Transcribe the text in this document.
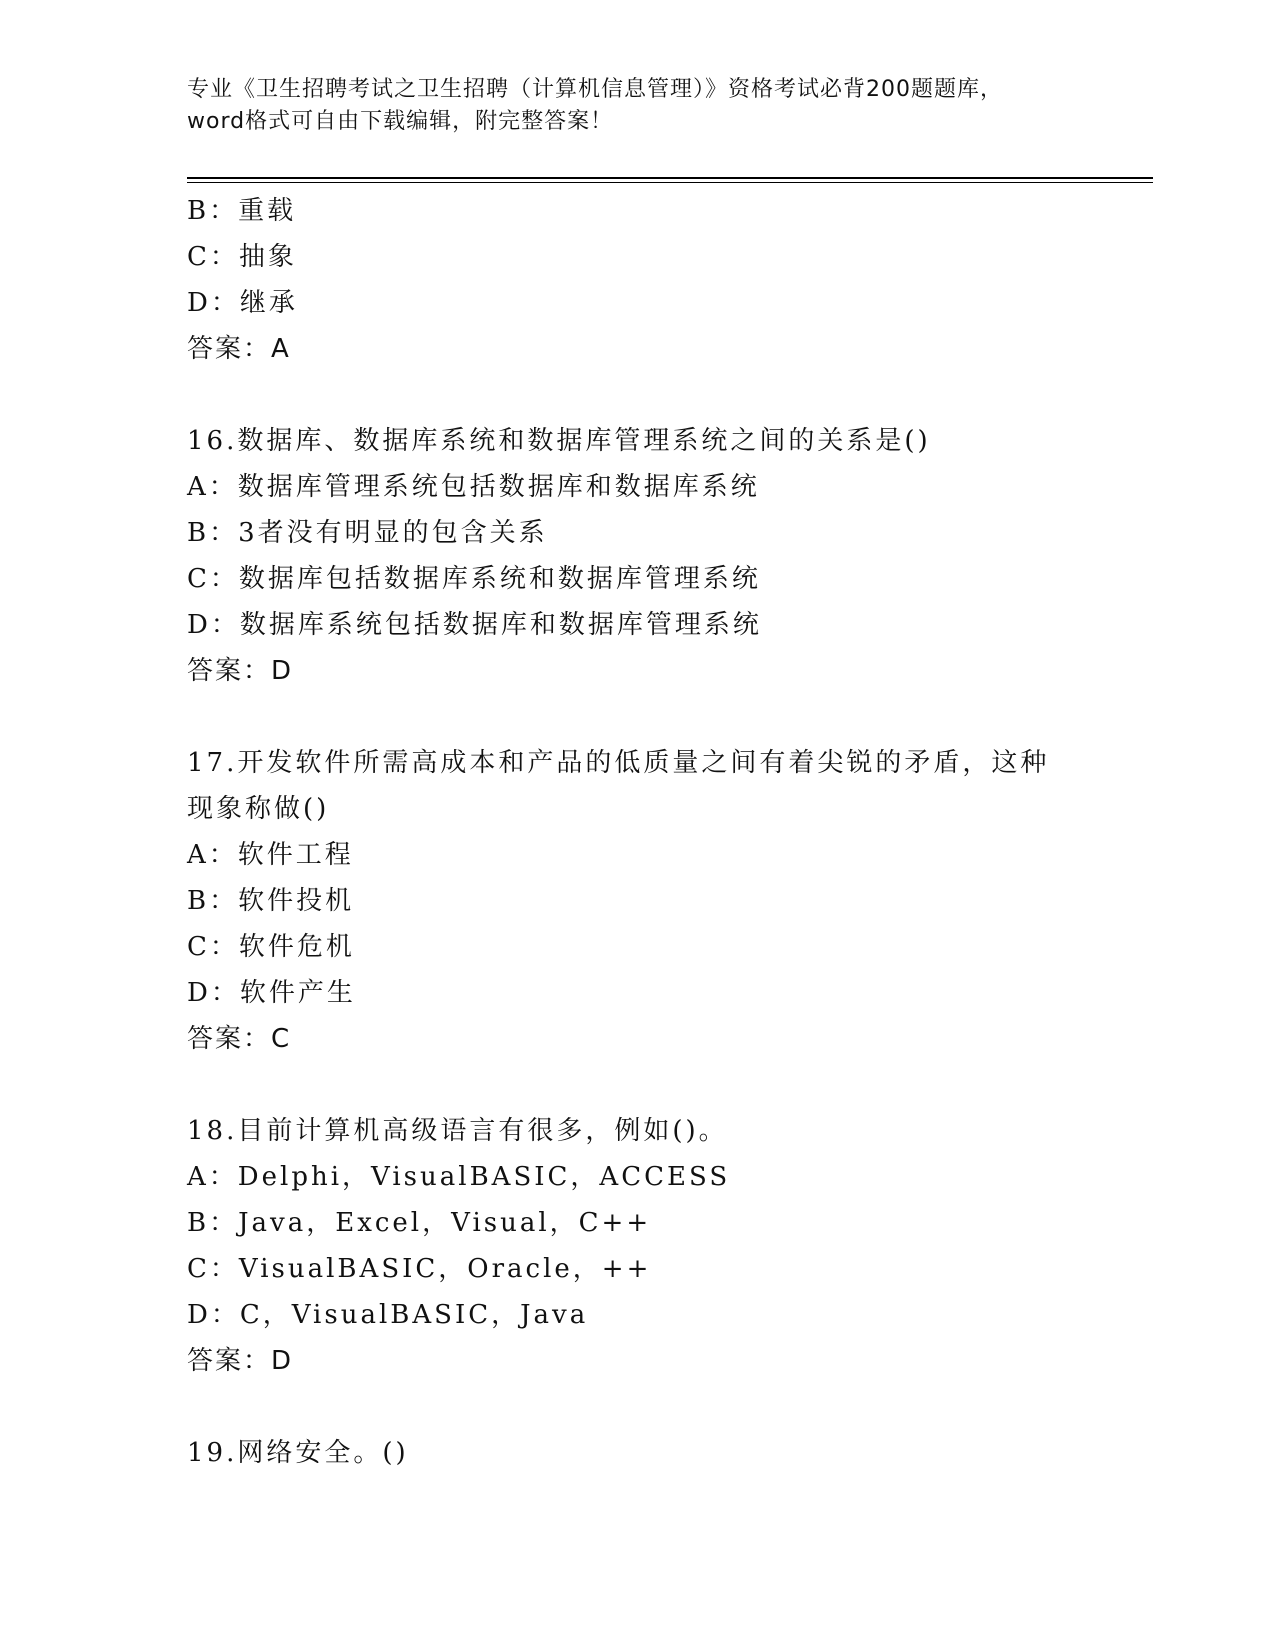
专业《卫生招聘考试之卫生招聘（计算机信息管理）》资格考试必背200题题库，
word格式可自由下载编辑，附完整答案！
B：重载
C：抽象
D：继承
答案：A
16.数据库、数据库系统和数据库管理系统之间的关系是()
A：数据库管理系统包括数据库和数据库系统
B：3者没有明显的包含关系
C：数据库包括数据库系统和数据库管理系统
D：数据库系统包括数据库和数据库管理系统
答案：D
17.开发软件所需高成本和产品的低质量之间有着尖锐的矛盾，这种现象称做()
A：软件工程
B：软件投机
C：软件危机
D：软件产生
答案：C
18.目前计算机高级语言有很多，例如()。
A：Delphi，VisualBASIC，ACCESS
B：Java，Excel，Visual，C++
C：VisualBASIC，Oracle，++
D：C，VisualBASIC，Java
答案：D
19.网络安全。()
